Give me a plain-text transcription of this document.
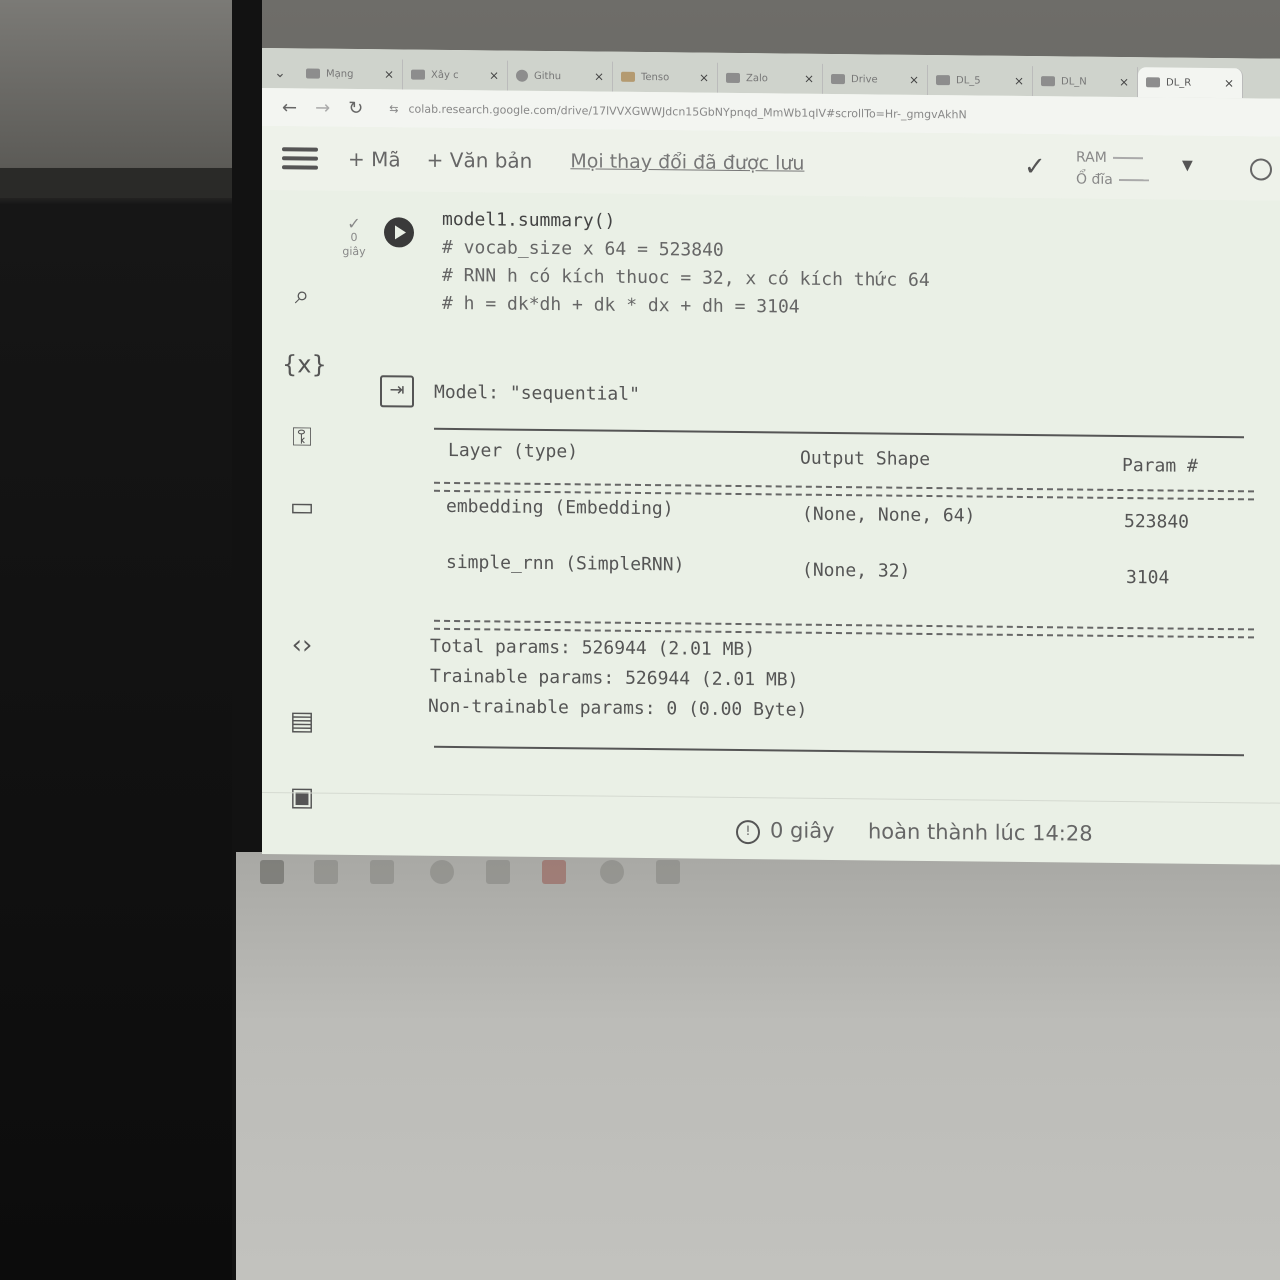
⌄	Mạng	×	Xây c	×	Githu	×	Tenso ×	Zalo	×	Drive	×	DL_5	×	DL_N	×	DL_R	×
← → ↻ ⇆ colab.research.google.com/drive/17lVVXGWWJdcn15GbNYpnqd_MmWb1qIV#scrollTo=Hr-_gmgvAkhN
+ Mã + Văn bản Mọi thay đổi đã được lưu	✓ RAM
Ổ đĩa
▼
⌕
{x}
⚿
▭
‹›
▤
▣
✓
0
giây
model1.summary()
# vocab_size x 64 = 523840
# RNN h có kích thuoc = 32, x có kích thức 64
# h = dk*dh + dk * dx + dh = 3104
⇥	Model: "sequential"
Layer (type)	Output Shape	Param #
embedding (Embedding)	(None, None, 64)	523840
simple_rnn (SimpleRNN)	(None, 32)	3104
Total params: 526944 (2.01 MB)
Trainable params: 526944 (2.01 MB)
Non-trainable params: 0 (0.00 Byte)
! 0 giây hoàn thành lúc 14:28
